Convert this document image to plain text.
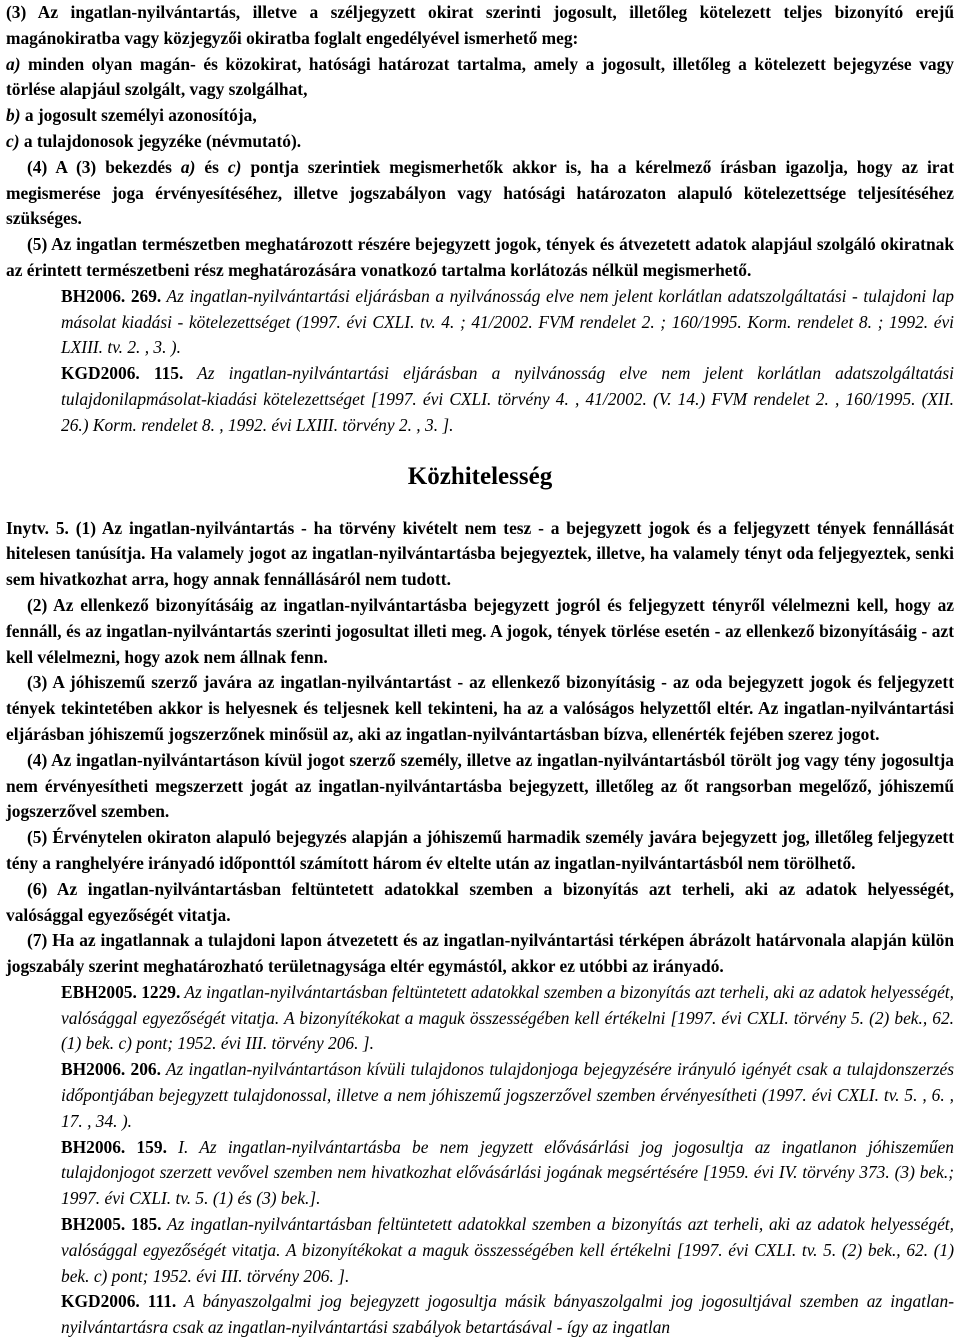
(3) Az ingatlan-nyilvántartás, illetve a széljegyzett okirat szerinti jogosult, illetőleg kötelezett teljes bizonyító erejű magánokiratba vagy közjegyzői okiratba foglalt engedélyével ismerhető meg:

a) minden olyan magán- és közokirat, hatósági határozat tartalma, amely a jogosult, illetőleg a kötelezett bejegyzése vagy törlése alapjául szolgált, vagy szolgálhat,

b) a jogosult személyi azonosítója,

c) a tulajdonosok jegyzéke (névmutató).

(4) A (3) bekezdés a) és c) pontja szerintiek megismerhetők akkor is, ha a kérelmező írásban igazolja, hogy az irat megismerése joga érvényesítéséhez, illetve jogszabályon vagy hatósági határozaton alapuló kötelezettsége teljesítéséhez szükséges.

(5) Az ingatlan természetben meghatározott részére bejegyzett jogok, tények és átvezetett adatok alapjául szolgáló okiratnak az érintett természetbeni rész meghatározására vonatkozó tartalma korlátozás nélkül megismerhető.

BH2006. 269. Az ingatlan-nyilvántartási eljárásban a nyilvánosság elve nem jelent korlátlan adatszolgáltatási - tulajdoni lap másolat kiadási - kötelezettséget (1997. évi CXLI. tv. 4. ; 41/2002. FVM rendelet 2. ; 160/1995. Korm. rendelet 8. ; 1992. évi LXIII. tv. 2. , 3. ).

KGD2006. 115. Az ingatlan-nyilvántartási eljárásban a nyilvánosság elve nem jelent korlátlan adatszolgáltatási tulajdonilapmásolat-kiadási kötelezettséget [1997. évi CXLI. törvény 4. , 41/2002. (V. 14.) FVM rendelet 2. , 160/1995. (XII. 26.) Korm. rendelet 8. , 1992. évi LXIII. törvény 2. , 3. ].

Közhitelesség

Inytv. 5. (1) Az ingatlan-nyilvántartás - ha törvény kivételt nem tesz - a bejegyzett jogok és a feljegyzett tények fennállását hitelesen tanúsítja. Ha valamely jogot az ingatlan-nyilvántartásba bejegyeztek, illetve, ha valamely tényt oda feljegyeztek, senki sem hivatkozhat arra, hogy annak fennállásáról nem tudott.

(2) Az ellenkező bizonyításáig az ingatlan-nyilvántartásba bejegyzett jogról és feljegyzett tényről vélelmezni kell, hogy az fennáll, és az ingatlan-nyilvántartás szerinti jogosultat illeti meg. A jogok, tények törlése esetén - az ellenkező bizonyításáig - azt kell vélelmezni, hogy azok nem állnak fenn.

(3) A jóhiszemű szerző javára az ingatlan-nyilvántartást - az ellenkező bizonyításig - az oda bejegyzett jogok és feljegyzett tények tekintetében akkor is helyesnek és teljesnek kell tekinteni, ha az a valóságos helyzettől eltér. Az ingatlan-nyilvántartási eljárásban jóhiszemű jogszerzőnek minősül az, aki az ingatlan-nyilvántartásban bízva, ellenérték fejében szerez jogot.

(4) Az ingatlan-nyilvántartáson kívül jogot szerző személy, illetve az ingatlan-nyilvántartásból törölt jog vagy tény jogosultja nem érvényesítheti megszerzett jogát az ingatlan-nyilvántartásba bejegyzett, illetőleg az őt rangsorban megelőző, jóhiszemű jogszerzővel szemben.

(5) Érvénytelen okiraton alapuló bejegyzés alapján a jóhiszemű harmadik személy javára bejegyzett jog, illetőleg feljegyzett tény a ranghelyére irányadó időponttól számított három év eltelte után az ingatlan-nyilvántartásból nem törölhető.

(6) Az ingatlan-nyilvántartásban feltüntetett adatokkal szemben a bizonyítás azt terheli, aki az adatok helyességét, valósággal egyezőségét vitatja.

(7) Ha az ingatlannak a tulajdoni lapon átvezetett és az ingatlan-nyilvántartási térképen ábrázolt határvonala alapján külön jogszabály szerint meghatározható területnagysága eltér egymástól, akkor ez utóbbi az irányadó.

EBH2005. 1229. Az ingatlan-nyilvántartásban feltüntetett adatokkal szemben a bizonyítás azt terheli, aki az adatok helyességét, valósággal egyezőségét vitatja. A bizonyítékokat a maguk összességében kell értékelni [1997. évi CXLI. törvény 5. (2) bek., 62. (1) bek. c) pont; 1952. évi III. törvény 206. ].

BH2006. 206. Az ingatlan-nyilvántartáson kívüli tulajdonos tulajdonjoga bejegyzésére irányuló igényét csak a tulajdonszerzés időpontjában bejegyzett tulajdonossal, illetve a nem jóhiszemű jogszerzővel szemben érvényesítheti (1997. évi CXLI. tv. 5. , 6. , 17. , 34. ).

BH2006. 159. I. Az ingatlan-nyilvántartásba be nem jegyzett elővásárlási jog jogosultja az ingatlanon jóhiszeműen tulajdonjogot szerzett vevővel szemben nem hivatkozhat elővásárlási jogának megsértésére [1959. évi IV. törvény 373. (3) bek.; 1997. évi CXLI. tv. 5. (1) és (3) bek.].

BH2005. 185. Az ingatlan-nyilvántartásban feltüntetett adatokkal szemben a bizonyítás azt terheli, aki az adatok helyességét, valósággal egyezőségét vitatja. A bizonyítékokat a maguk összességében kell értékelni [1997. évi CXLI. tv. 5. (2) bek., 62. (1) bek. c) pont; 1952. évi III. törvény 206. ].

KGD2006. 111. A bányaszolgalmi jog bejegyzett jogosultja másik bányaszolgalmi jog jogosultjával szemben az ingatlan-nyilvántartásra csak az ingatlan-nyilvántartási szabályok betartásával - így az ingatlan
